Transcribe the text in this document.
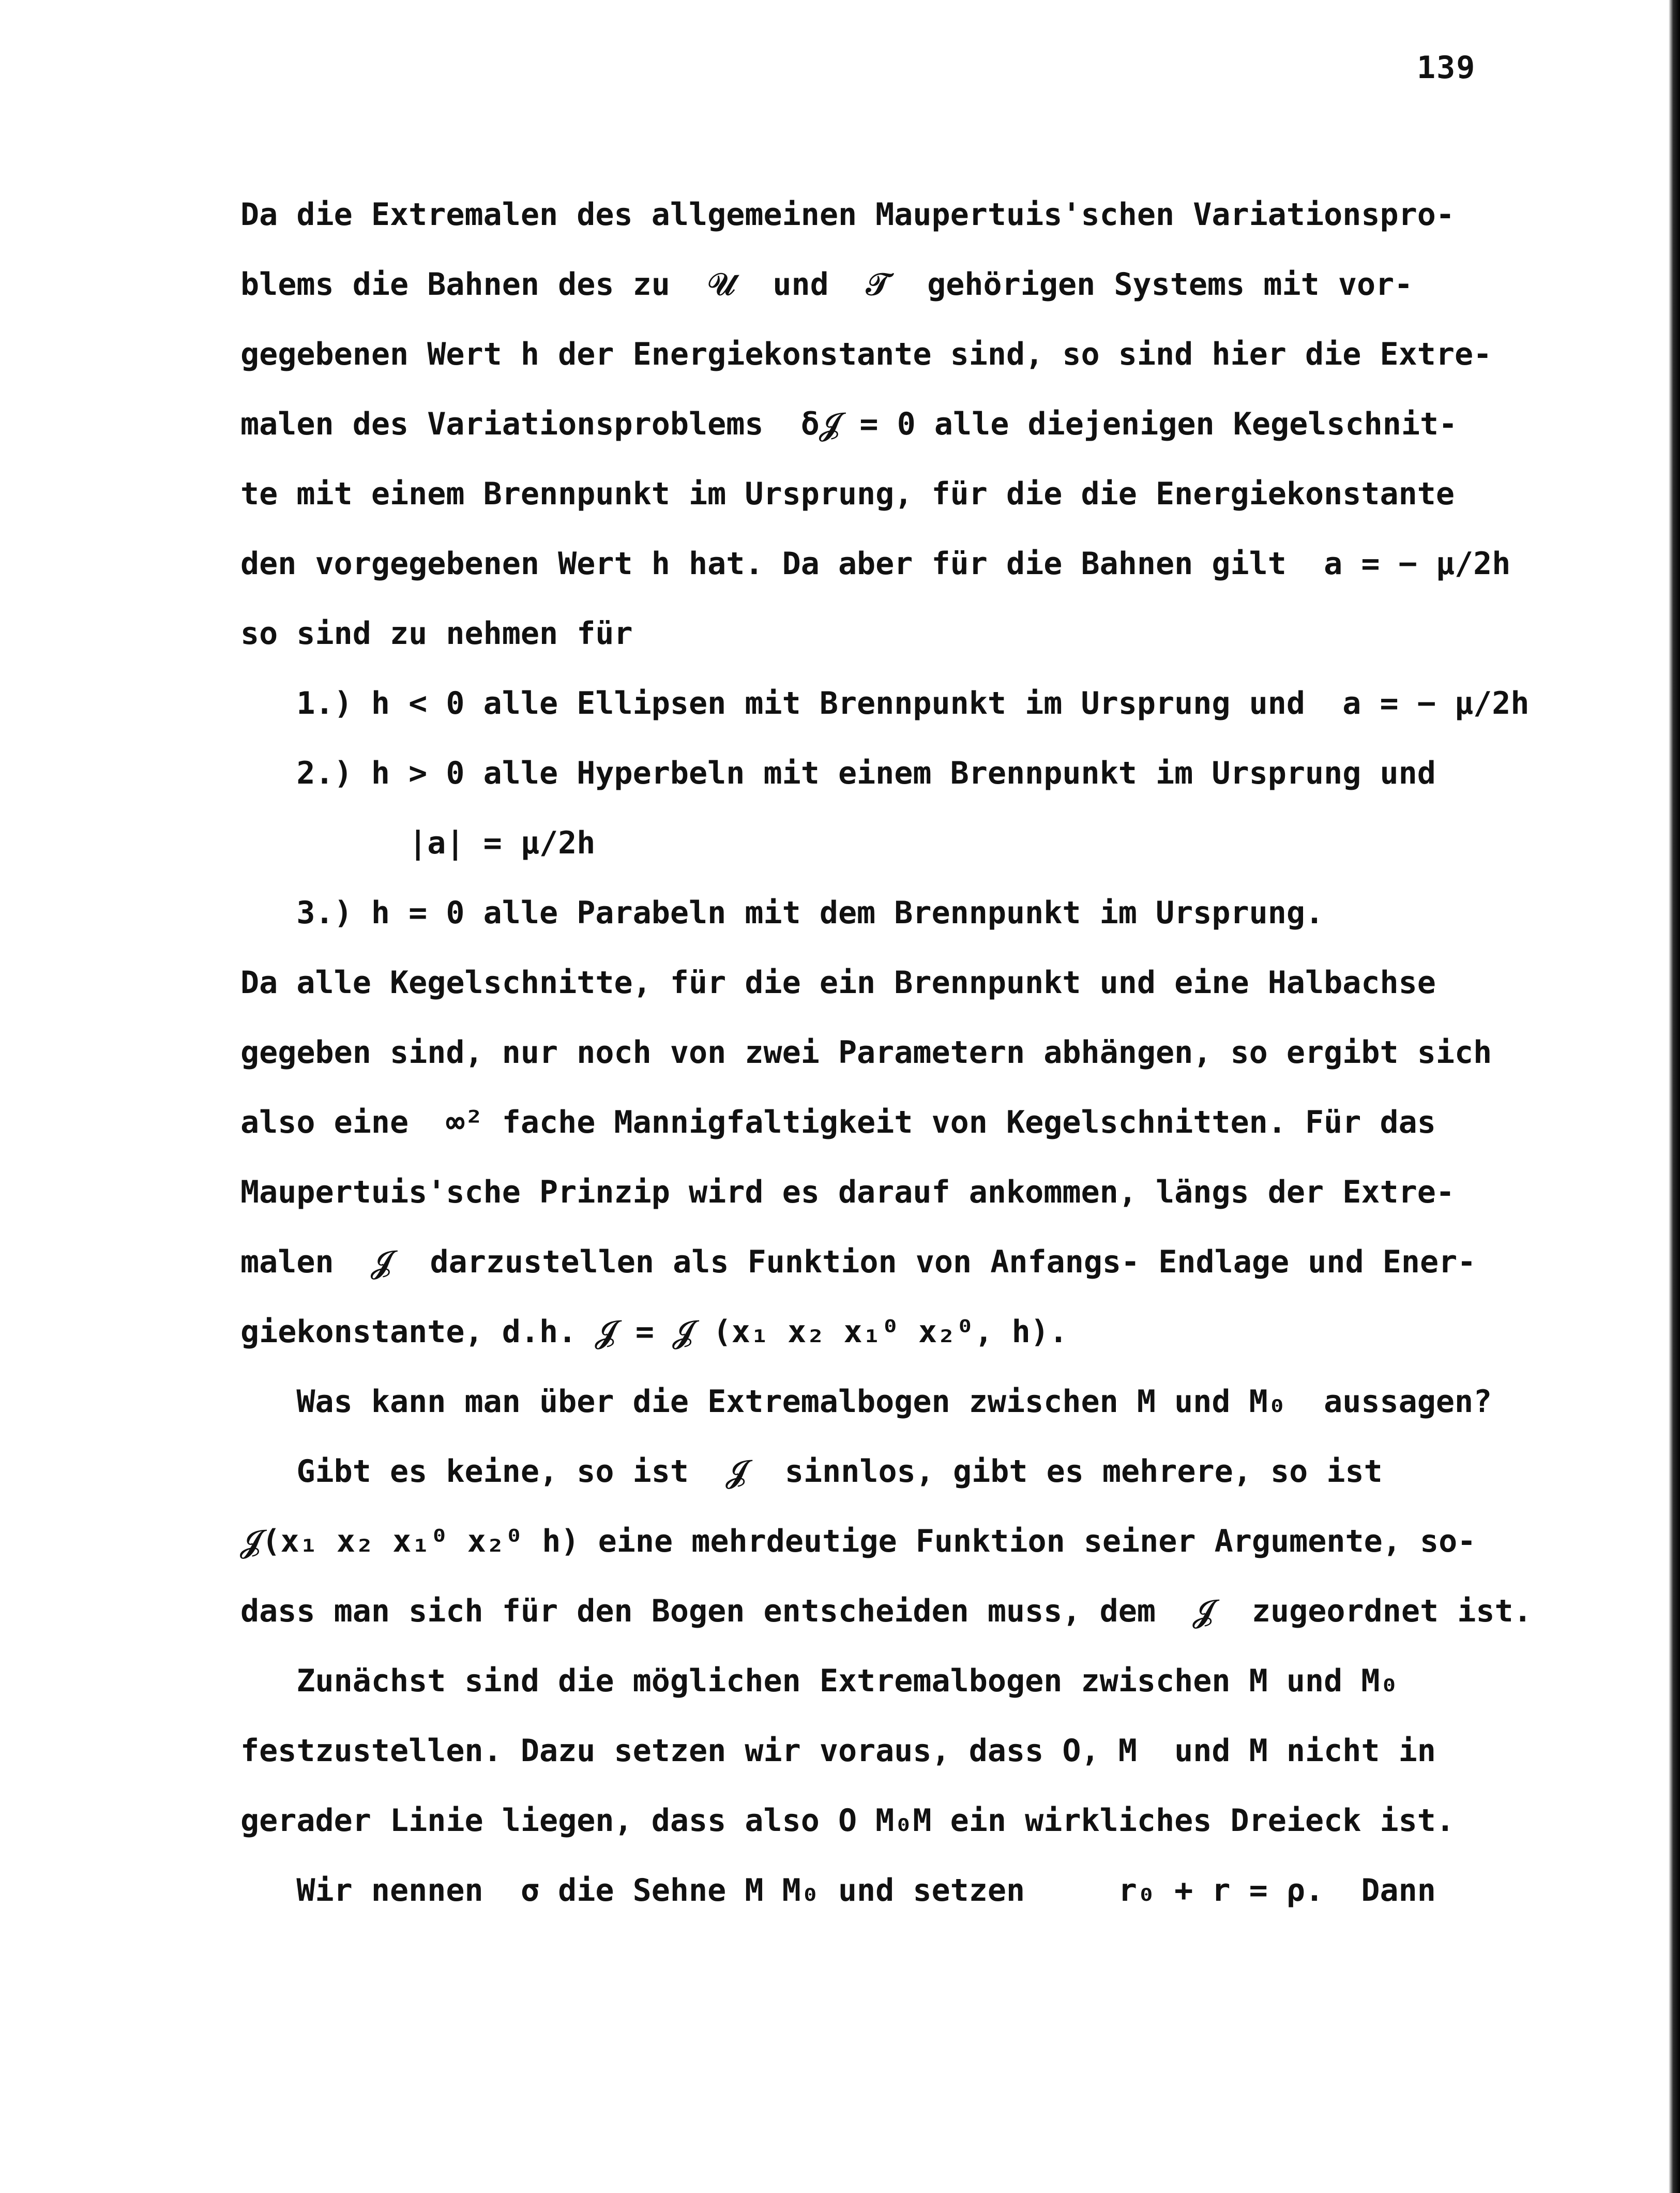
139
Da die Extremalen des allgemeinen Maupertuis'schen Variationspro-
blems die Bahnen des zu  𝒰  und  𝒯  gehörigen Systems mit vor-
gegebenen Wert h der Energiekonstante sind, so sind hier die Extre-
malen des Variationsproblems  δ𝒥 = 0 alle diejenigen Kegelschnit-
te mit einem Brennpunkt im Ursprung, für die die Energiekonstante
den vorgegebenen Wert h hat. Da aber für die Bahnen gilt  a = − μ/2h
so sind zu nehmen für
1.) h < 0 alle Ellipsen mit Brennpunkt im Ursprung und  a = − μ/2h
2.) h > 0 alle Hyperbeln mit einem Brennpunkt im Ursprung und
|a| = μ/2h
3.) h = 0 alle Parabeln mit dem Brennpunkt im Ursprung.
Da alle Kegelschnitte, für die ein Brennpunkt und eine Halbachse
gegeben sind, nur noch von zwei Parametern abhängen, so ergibt sich
also eine  ∞² fache Mannigfaltigkeit von Kegelschnitten. Für das
Maupertuis'sche Prinzip wird es darauf ankommen, längs der Extre-
malen  𝒥  darzustellen als Funktion von Anfangs- Endlage und Ener-
giekonstante, d.h. 𝒥 = 𝒥 (x₁ x₂ x₁⁰ x₂⁰, h).
Was kann man über die Extremalbogen zwischen M und M₀  aussagen?
Gibt es keine, so ist  𝒥  sinnlos, gibt es mehrere, so ist
𝒥(x₁ x₂ x₁⁰ x₂⁰ h) eine mehrdeutige Funktion seiner Argumente, so-
dass man sich für den Bogen entscheiden muss, dem  𝒥  zugeordnet ist.
Zunächst sind die möglichen Extremalbogen zwischen M und M₀
festzustellen. Dazu setzen wir voraus, dass O, M  und M nicht in
gerader Linie liegen, dass also O M₀M ein wirkliches Dreieck ist.
Wir nennen  σ die Sehne M M₀ und setzen     r₀ + r = ρ.  Dann
